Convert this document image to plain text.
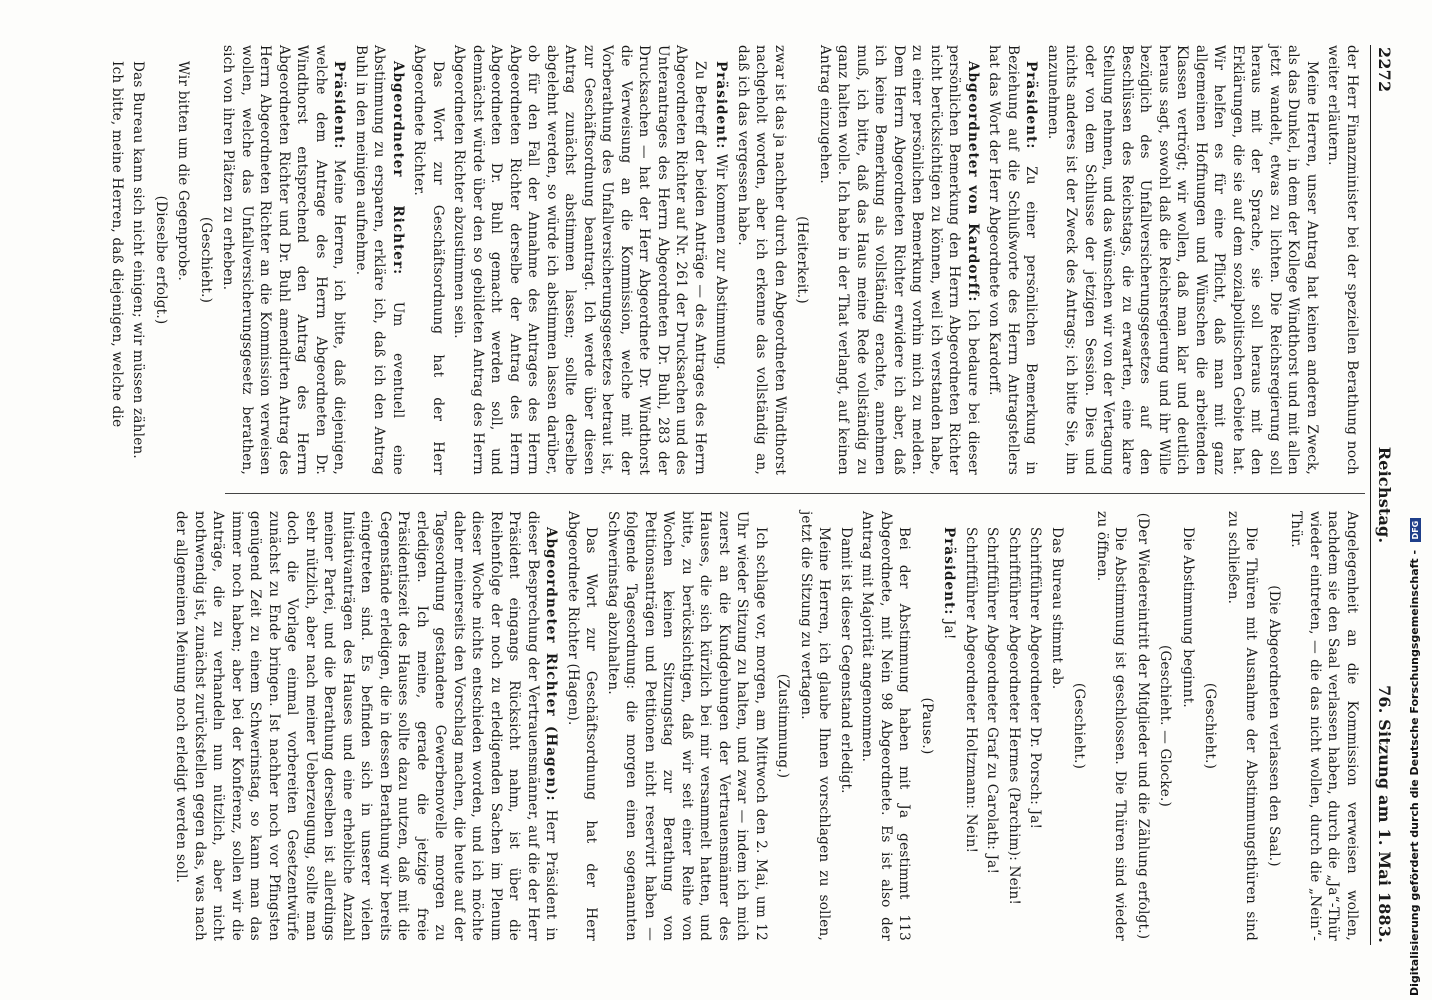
2272
Reichstag.
76. Sitzung am 1. Mai 1883.

der Herr Finanzminister bei der speziellen Berathung noch weiter erläutern.

Meine Herren, unser Antrag hat keinen anderen Zweck, als das Dunkel, in dem der Kollege Windthorst und mit allen jetzt wandelt, etwas zu lichten. Die Reichsregierung soll heraus mit der Sprache, sie soll heraus mit den Erklärungen, die sie auf dem sozialpolitischen Gebiete hat. Wir helfen es für eine Pflicht, daß man mit ganz allgemeinen Hoffnungen und Wünschen die arbeitenden Klassen vertrögt; wir wollen, daß man klar und deutlich heraus sagt, sowohl daß die Reichsregierung und ihr Wille bezüglich des Unfallversicherungsgesetzes auf den Beschlüssen des Reichstags, die zu erwarten, eine klare Stellung nehmen, und das wünschen wir von der Vertagung oder von dem Schlusse der jetzigen Session. Dies und nichts anderes ist der Zweck des Antrags; ich bitte Sie, ihn anzunehmen.

Präsident: Zu einer persönlichen Bemerkung in Beziehung auf die Schlußworte des Herrn Antragstellers hat das Wort der Herr Abgeordnete von Kardorff.

Abgeordneter von Kardorff: Ich bedaure bei dieser persönlichen Bemerkung den Herrn Abgeordneten Richter nicht berücksichtigen zu können, weil ich verstanden habe, zu einer persönlichen Bemerkung vorhin mich zu melden. Dem Herrn Abgeordneten Richter erwidere ich aber, daß ich keine Bemerkung als vollständig erachte, annehmen muß, ich bitte, daß das Haus meine Rede vollständig zu ganz halten wolle. Ich habe in der That verlangt, auf keinen Antrag einzugehen.

(Heiterkeit.)

zwar ist das ja nachher durch den Abgeordneten Windthorst nachgeholt worden, aber ich erkenne das vollständig an, daß ich das vergessen habe.

Präsident: Wir kommen zur Abstimmung.

Zu Betreff der beiden Anträge — des Antrages des Herrn Abgeordneten Richter auf Nr. 261 der Drucksachen und des Unterantrages des Herrn Abgeordneten Dr. Buhl, 283 der Drucksachen — hat der Herr Abgeordnete Dr. Windthorst die Verweisung an die Kommission, welche mit der Vorberathung des Unfallversicherungsgesetzes betraut ist, zur Geschäftsordnung beantragt. Ich werde über diesen Antrag zunächst abstimmen lassen; sollte derselbe abgelehnt werden, so würde ich abstimmen lassen darüber, ob für den Fall der Annahme des Antrages des Herrn Abgeordneten Richter derselbe der Antrag des Herrn Abgeordneten Dr. Buhl gemacht werden soll, und demnächst würde über den so gebildeten Antrag des Herrn Abgeordneten Richter abzustimmen sein.

Das Wort zur Geschäftsordnung hat der Herr Abgeordnete Richter.

Abgeordneter Richter: Um eventuell eine Abstimmung zu ersparen, erkläre ich, daß ich den Antrag Buhl in den meinigen aufnehme.

Präsident: Meine Herren, ich bitte, daß diejenigen, welche dem Antrage des Herrn Abgeordneten Dr. Windthorst entsprechend den Antrag des Herrn Abgeordneten Richter und Dr. Buhl amendirten Antrag des Herrn Abgeordneten Richter an die Kommission verweisen wollen, welche das Unfallversicherungsgesetz berathen, sich von ihren Plätzen zu erheben.

(Geschieht.)

Wir bitten um die Gegenprobe.

(Dieselbe erfolgt.)

Das Bureau kann sich nicht einigen; wir müssen zählen.

Ich bitte, meine Herren, daß diejenigen, welche die

Angelegenheit an die Kommission verweisen wollen, nachdem sie den Saal verlassen haben, durch die „Ja“-Thür wieder eintreten, — die das nicht wollen, durch die „Nein“-Thür.

(Die Abgeordneten verlassen den Saal.)

Die Thüren mit Ausnahme der Abstimmungsthüren sind zu schließen.

(Geschieht.)

Die Abstimmung beginnt.

(Geschieht. — Glocke.)

(Der Wiedereintritt der Mitglieder und die Zählung erfolgt.)

Die Abstimmung ist geschlossen. Die Thüren sind wieder zu öffnen.

(Geschieht.)

Das Bureau stimmt ab.

Schriftführer Abgeordneter Dr. Porsch: Ja!

Schriftführer Abgeordneter Hermes (Parchim): Nein!

Schriftführer Abgeordneter Graf zu Carolath: Ja!

Schriftführer Abgeordneter Holtzmann: Nein!

Präsident: Ja!

(Pause.)

Bei der Abstimmung haben mit Ja gestimmt 113 Abgeordnete, mit Nein 98 Abgeordnete. Es ist also der Antrag mit Majorität angenommen.

Damit ist dieser Gegenstand erledigt.

Meine Herren, ich glaube Ihnen vorschlagen zu sollen, jetzt die Sitzung zu vertagen.

(Zustimmung.)

Ich schlage vor, morgen, am Mittwoch den 2. Mai, um 12 Uhr wieder Sitzung zu halten, und zwar — indem ich mich zuerst an die Kundgebungen der Vertrauensmänner des Hauses, die sich kürzlich bei mir versammelt hatten, und bitte, zu berücksichtigen, daß wir seit einer Reihe von Wochen keinen Sitzungstag zur Berathung von Petitionsanträgen und Petitionen nicht reservirt haben — folgende Tagesordnung: die morgen einen sogenannten Schwerinstag abzuhalten.

Das Wort zur Geschäftsordnung hat der Herr Abgeordnete Richter (Hagen).

Abgeordneter Richter (Hagen): Herr Präsident in dieser Besprechung der Vertrauensmänner, auf die der Herr Präsident eingangs Rücksicht nahm, ist über die Reihenfolge der noch zu erledigenden Sachen im Plenum dieser Woche nichts entschieden worden, und ich möchte daher meinerseits den Vorschlag machen, die heute auf der Tagesordnung gestandene Gewerbenovelle morgen zu erledigen. Ich meine, gerade die jetzige freie Präsidentiszeit des Hauses sollte dazu nutzen, daß mit die Gegenstände erledigen, die in dessen Berathung wir bereits eingetreten sind. Es befinden sich in unserer vielen Initiativanträgen des Hauses und eine erhebliche Anzahl meiner Partei, und die Berathung derselben ist allerdings sehr nützlich, aber nach meiner Ueberzeugung, sollte man doch die Vorlage einmal vorbereiten Gesetzentwürfe zunächst zu Ende bringen. Ist nachher noch vor Pfingsten genügend Zeit zu einem Schwerinstag, so kann man das immer noch haben; aber bei der Konferenz, sollen wir die Anträge, die zu verhandeln nun nützlich, aber nicht nothwendig ist, zunächst zurückstellen gegen das, was nach der allgemeinen Meinung noch erledigt werden soll.	Digitalisierung gefördert durch die Deutsche Forschungsgemeinschaft - DFG
